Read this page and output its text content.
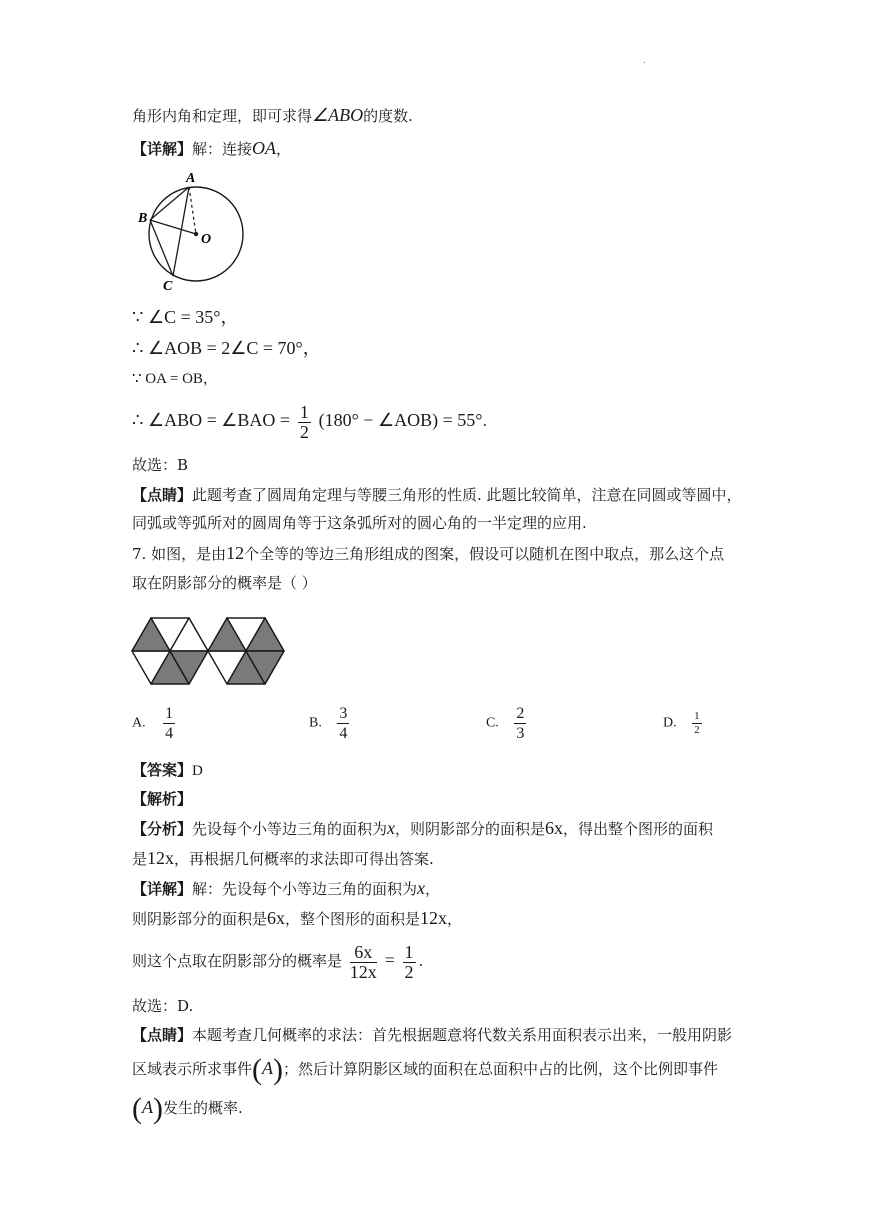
.
角形内角和定理，即可求得∠ABO的度数.
【详解】解：连接OA，
A
B
O
C
∵ ∠C = 35°，
∴ ∠AOB = 2∠C = 70°，
∵ OA = OB，
∴ ∠ABO = ∠BAO = $\frac{1}{2} (180^\circ$ − ∠AOB) = 55°.
故选：B
【点睛】此题考查了圆周角定理与等腰三角形的性质. 此题比较简单，注意在同圆或等圆中，
同弧或等弧所对的圆周角等于这条弧所对的圆心角的一半定理的应用.
7. 如图，是由12个全等的等边三角形组成的图案，假设可以随机在图中取点，那么这个点
取在阴影部分的概率是（ ）
A. $\frac{1}{4}$	B. $\frac{3}{4}$	C. $\frac{2}{3}$	D. $\frac{1}{2}$
【答案】D
【解析】
【分析】先设每个小等边三角的面积为x，则阴影部分的面积是6x，得出整个图形的面积
是12x，再根据几何概率的求法即可得出答案.
【详解】解：先设每个小等边三角的面积为x，
则阴影部分的面积是6x，整个图形的面积是12x，
则这个点取在阴影部分的概率是 $\frac{6x}{12x} = \frac{1}{2}$ .
故选：D.
【点睛】本题考查几何概率的求法：首先根据题意将代数关系用面积表示出来，一般用阴影
区域表示所求事件(A)；然后计算阴影区域的面积在总面积中占的比例，这个比例即事件
(A)发生的概率.
